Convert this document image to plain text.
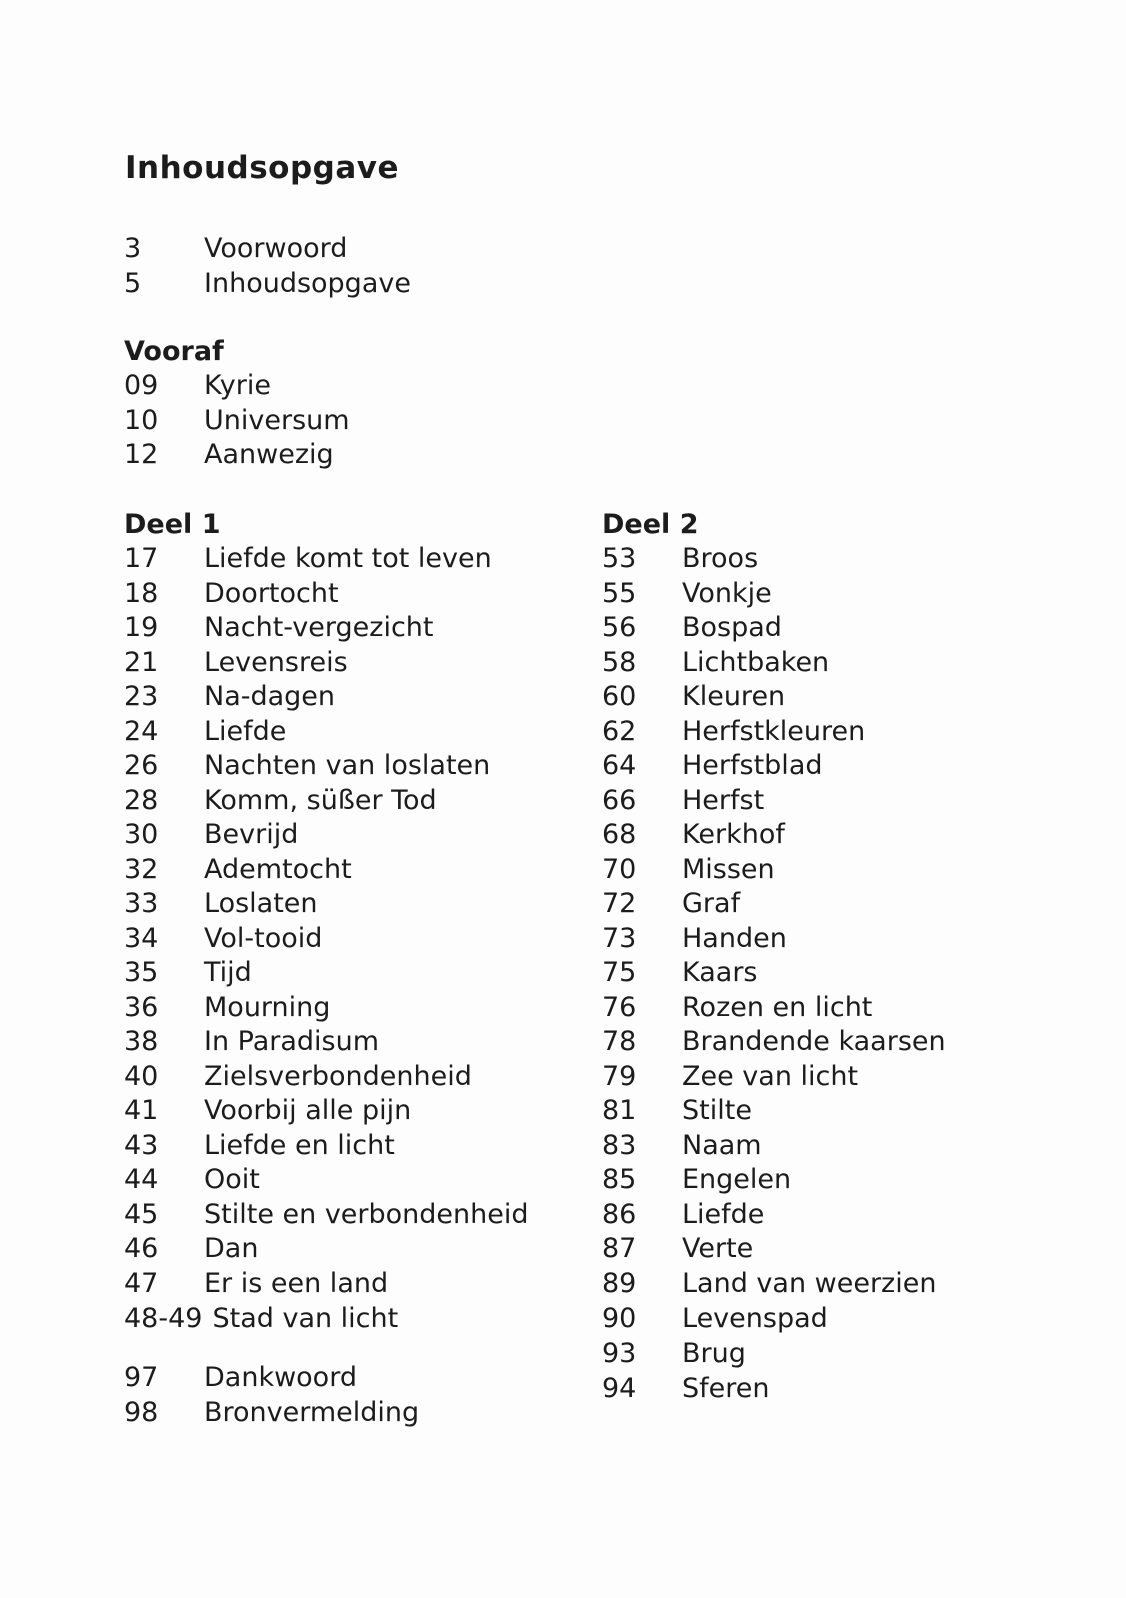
Inhoudsopgave
3	Voorwoord
5	Inhoudsopgave
Vooraf
09	Kyrie
10	Universum
12	Aanwezig
Deel 1
17	Liefde komt tot leven
18	Doortocht
19	Nacht-vergezicht
21	Levensreis
23	Na-dagen
24	Liefde
26	Nachten van loslaten
28	Komm, süßer Tod
30	Bevrijd
32	Ademtocht
33	Loslaten
34	Vol-tooid
35	Tijd
36	Mourning
38	In Paradisum
40	Zielsverbondenheid
41	Voorbij alle pijn
43	Liefde en licht
44	Ooit
45	Stilte en verbondenheid
46	Dan
47	Er is een land
48-49 Stad van licht
97	Dankwoord
98	Bronvermelding
Deel 2
53	Broos
55	Vonkje
56	Bospad
58	Lichtbaken
60	Kleuren
62	Herfstkleuren
64	Herfstblad
66	Herfst
68	Kerkhof
70	Missen
72	Graf
73	Handen
75	Kaars
76	Rozen en licht
78	Brandende kaarsen
79	Zee van licht
81	Stilte
83	Naam
85	Engelen
86	Liefde
87	Verte
89	Land van weerzien
90	Levenspad
93	Brug
94	Sferen
